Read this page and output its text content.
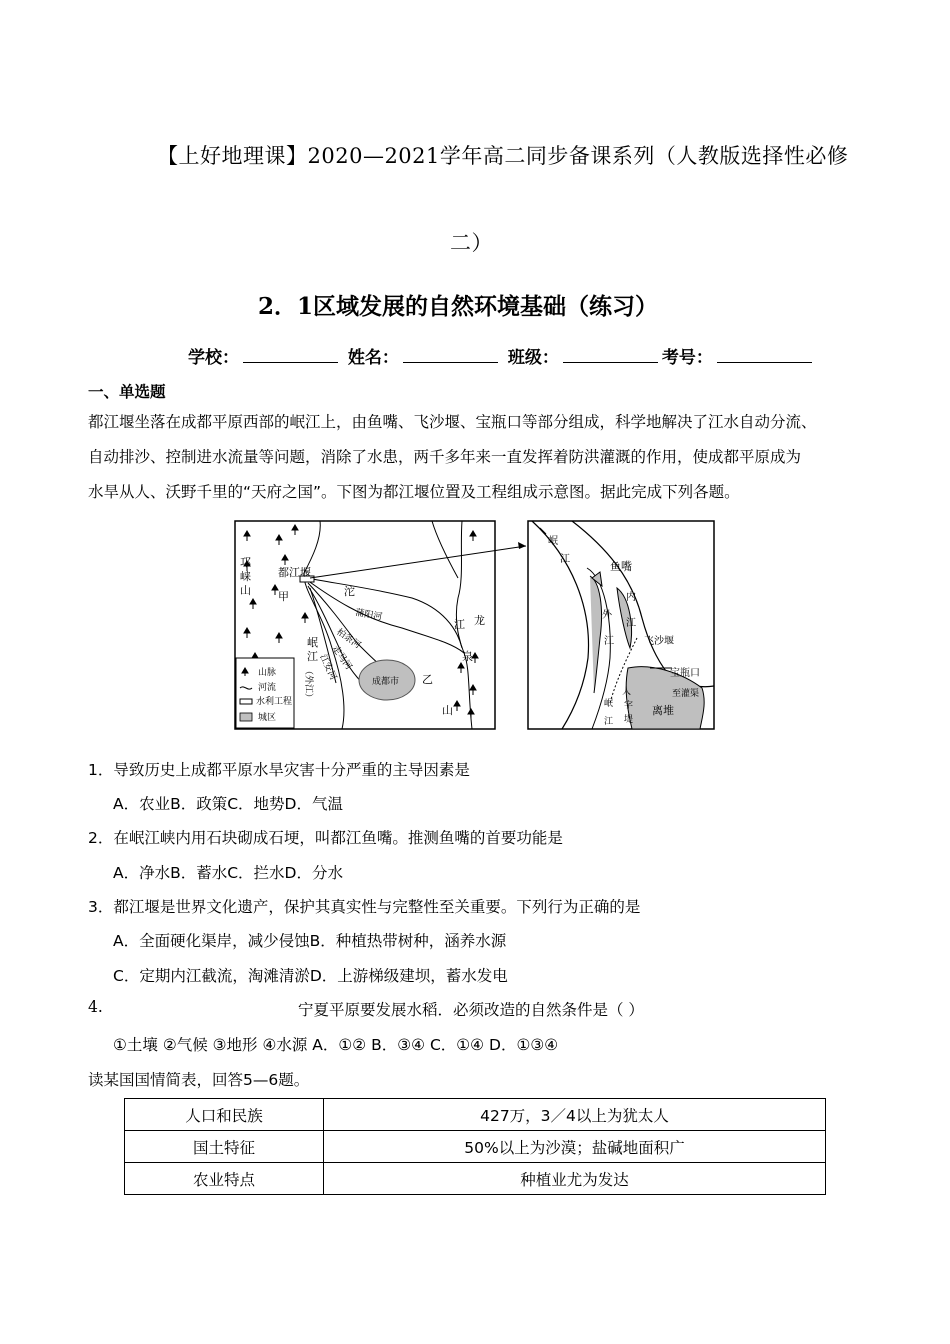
【上好地理课】2020—2021学年高二同步备课系列（人教版选择性必修
二）
2．1区域发展的自然环境基础（练习）
学校：	姓名：	班级：	考号：
一、单选题
都江堰坐落在成都平原西部的岷江上，由鱼嘴、飞沙堰、宝瓶口等部分组成，科学地解决了江水自动分流、
自动排沙、控制进水流量等问题，消除了水患，两千多年来一直发挥着防洪灌溉的作用，使成都平原成为
水旱从人、沃野千里的“天府之国”。下图为都江堰位置及工程组成示意图。据此完成下列各题。
山脉
河流
水利工程
城区
邛
崃
山
都江堰
甲	沱
江
蒲阳河
柏条河
走马河
江安河
岷
江
（外江）	成都市 乙
龙
泉
山
岷
江
鱼嘴
内
江
外
江	飞沙堰
宝瓶口
至灌渠
离堆
人
字
堤
岷
江
1．导致历史上成都平原水旱灾害十分严重的主导因素是
A．农业B．政策C．地势D．气温
2．在岷江峡内用石块砌成石埂，叫都江鱼嘴。推测鱼嘴的首要功能是
A．净水B．蓄水C．拦水D．分水
3．都江堰是世界文化遗产，保护其真实性与完整性至关重要。下列行为正确的是
A．全面硬化渠岸，减少侵蚀B．种植热带树种，涵养水源
C．定期内江截流，淘滩清淤D．上游梯级建坝，蓄水发电
4.	宁夏平原要发展水稻．必须改造的自然条件是（ ）
①土壤 ②气候 ③地形 ④水源 A．①② B．③④ C．①④ D．①③④
读某国国情简表，回答5—6题。
人口和民族	427万，3／4以上为犹太人
国土特征	50%以上为沙漠；盐碱地面积广
农业特点	种植业尤为发达
